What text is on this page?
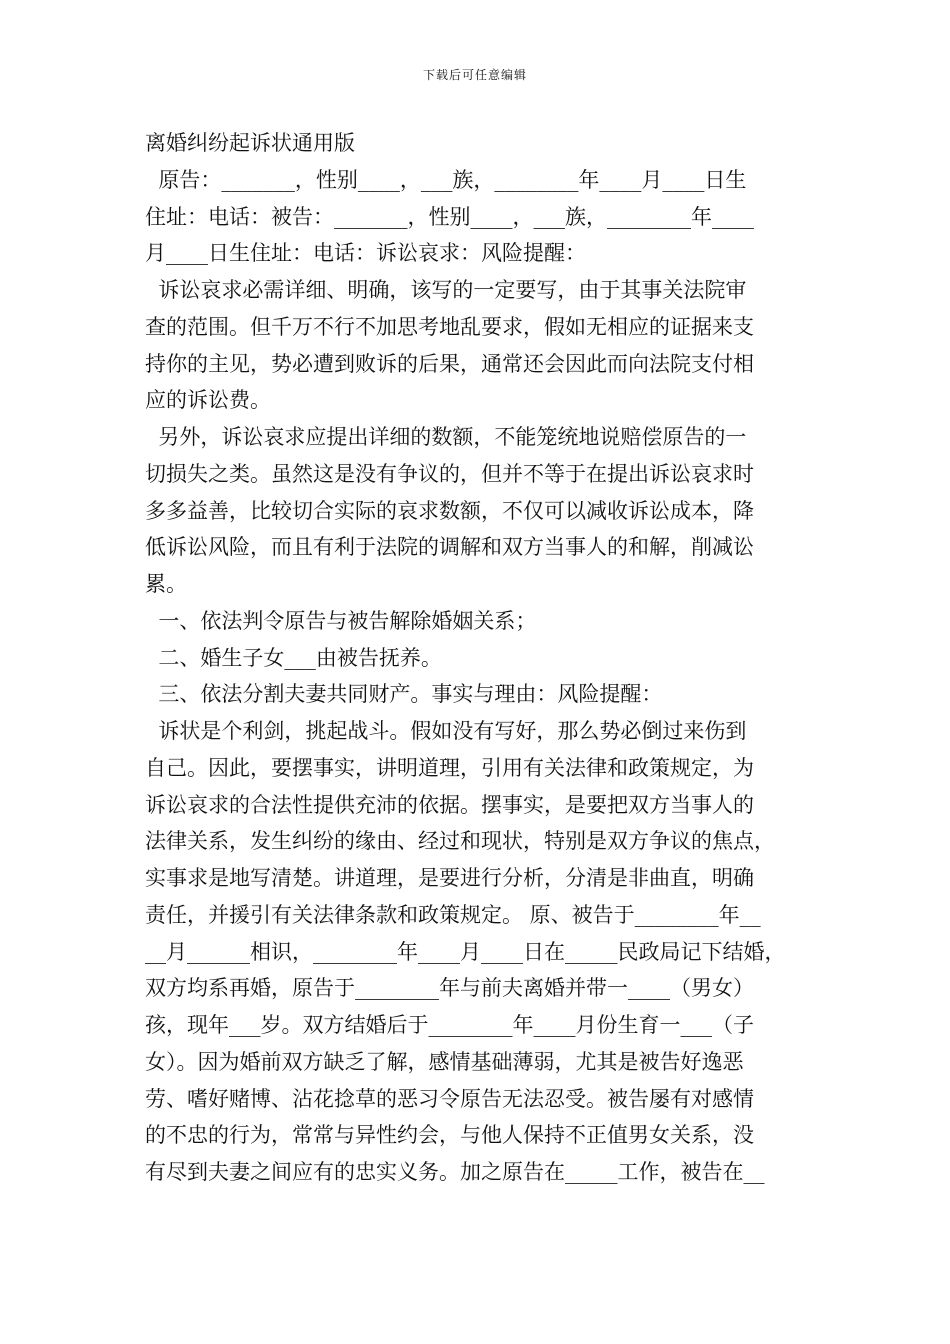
下载后可任意编辑
离婚纠纷起诉状通用版
原告：_______，性别____，___族，________年____月____日生
住址：电话：被告：_______，性别____，___族，________年____
月____日生住址：电话：诉讼哀求：风险提醒：
诉讼哀求必需详细、明确，该写的一定要写，由于其事关法院审
查的范围。但千万不行不加思考地乱要求，假如无相应的证据来支
持你的主见，势必遭到败诉的后果，通常还会因此而向法院支付相
应的诉讼费。
另外，诉讼哀求应提出详细的数额，不能笼统地说赔偿原告的一
切损失之类。虽然这是没有争议的，但并不等于在提出诉讼哀求时
多多益善，比较切合实际的哀求数额，不仅可以减收诉讼成本，降
低诉讼风险，而且有利于法院的调解和双方当事人的和解，削减讼
累。
一、依法判令原告与被告解除婚姻关系；
二、婚生子女___由被告抚养。
三、依法分割夫妻共同财产。事实与理由：风险提醒：
诉状是个利剑，挑起战斗。假如没有写好，那么势必倒过来伤到
自己。因此，要摆事实，讲明道理，引用有关法律和政策规定，为
诉讼哀求的合法性提供充沛的依据。摆事实，是要把双方当事人的
法律关系，发生纠纷的缘由、经过和现状，特别是双方争议的焦点，
实事求是地写清楚。讲道理，是要进行分析，分清是非曲直，明确
责任，并援引有关法律条款和政策规定。 原、被告于________年__
__月______相识，________年____月____日在_____民政局记下结婚，
双方均系再婚，原告于________年与前夫离婚并带一____（男女）
孩，现年___岁。双方结婚后于________年____月份生育一___（子
女）。因为婚前双方缺乏了解，感情基础薄弱，尤其是被告好逸恶
劳、嗜好赌博、沾花捻草的恶习令原告无法忍受。被告屡有对感情
的不忠的行为，常常与异性约会，与他人保持不正值男女关系，没
有尽到夫妻之间应有的忠实义务。加之原告在_____工作，被告在__
